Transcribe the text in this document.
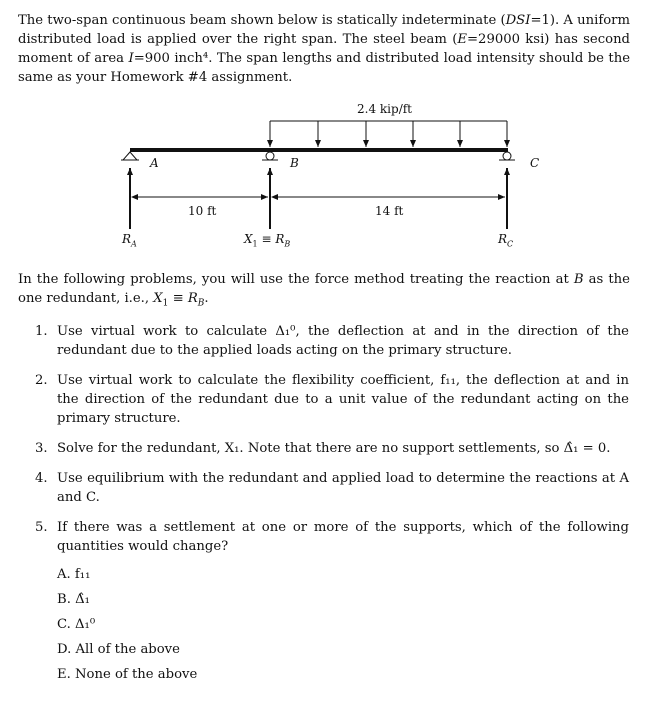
The two-span continuous beam shown below is statically indeterminate (DSI=1). A uniform distributed load is applied over the right span. The steel beam (E=29000 ksi) has second moment of area I=900 inch⁴. The span lengths and distributed load intensity should be the same as your Homework #4 assignment.
2.4 kip/ft
A	B	C
10 ft	14 ft
$R_A$	$X_1 \equiv R_B$	$R_C$
In the following problems, you will use the force method treating the reaction at B as the one redundant, i.e., $X_1 \equiv R_B$.
1. Use virtual work to calculate Δ₁⁰, the deflection at and in the direction of the redundant due to the applied loads acting on the primary structure.
2. Use virtual work to calculate the flexibility coefficient, f₁₁, the deflection at and in the direction of the redundant due to a unit value of the redundant acting on the primary structure.
3. Solve for the redundant, X₁. Note that there are no support settlements, so Δ̂₁ = 0.
4. Use equilibrium with the redundant and applied load to determine the reactions at A and C.
5. If there was a settlement at one or more of the supports, which of the following quantities would change?
A. f₁₁
B. Δ̂₁
C. Δ₁⁰
D. All of the above
E. None of the above
